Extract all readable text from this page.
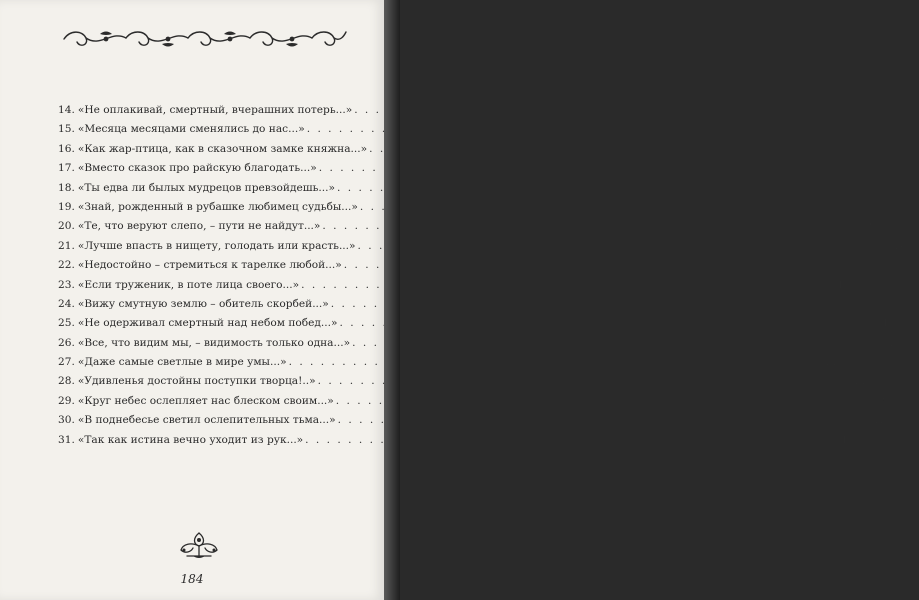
14. «Не оплакивай, смертный, вчерашних потерь...» . . .	8
15. «Месяца месяцами сменялись до нас...» . . .	8
16. «Как жар-птица, как в сказочном замке княжна...» . . .	8
17. «Вместо сказок про райскую благодать...» . . .	9
18. «Ты едва ли былых мудрецов превзойдешь...» . . .	9
19. «Знай, рожденный в рубашке любимец судьбы...» . . .	9
20. «Те, что веруют слепо, – пути не найдут...» . . .	9
21. «Лучше впасть в нищету, голодать или красть...» . . .	10
22. «Недостойно – стремиться к тарелке любой...» . . .	10
23. «Если труженик, в поте лица своего...» . . .	10
24. «Вижу смутную землю – обитель скорбей...» . . .	10
25. «Не одерживал смертный над небом побед...» . . .	11
26. «Все, что видим мы, – видимость только одна...» . . .	11
27. «Даже самые светлые в мире умы...» . . .	11
28. «Удивленья достойны поступки творца!..» . . .	11
29. «Круг небес ослепляет нас блеском своим...» . . .	12
30. «В поднебесье светил ослепительных тьма...» . . .	12
31. «Так как истина вечно уходит из рук...» . . .	12
184
